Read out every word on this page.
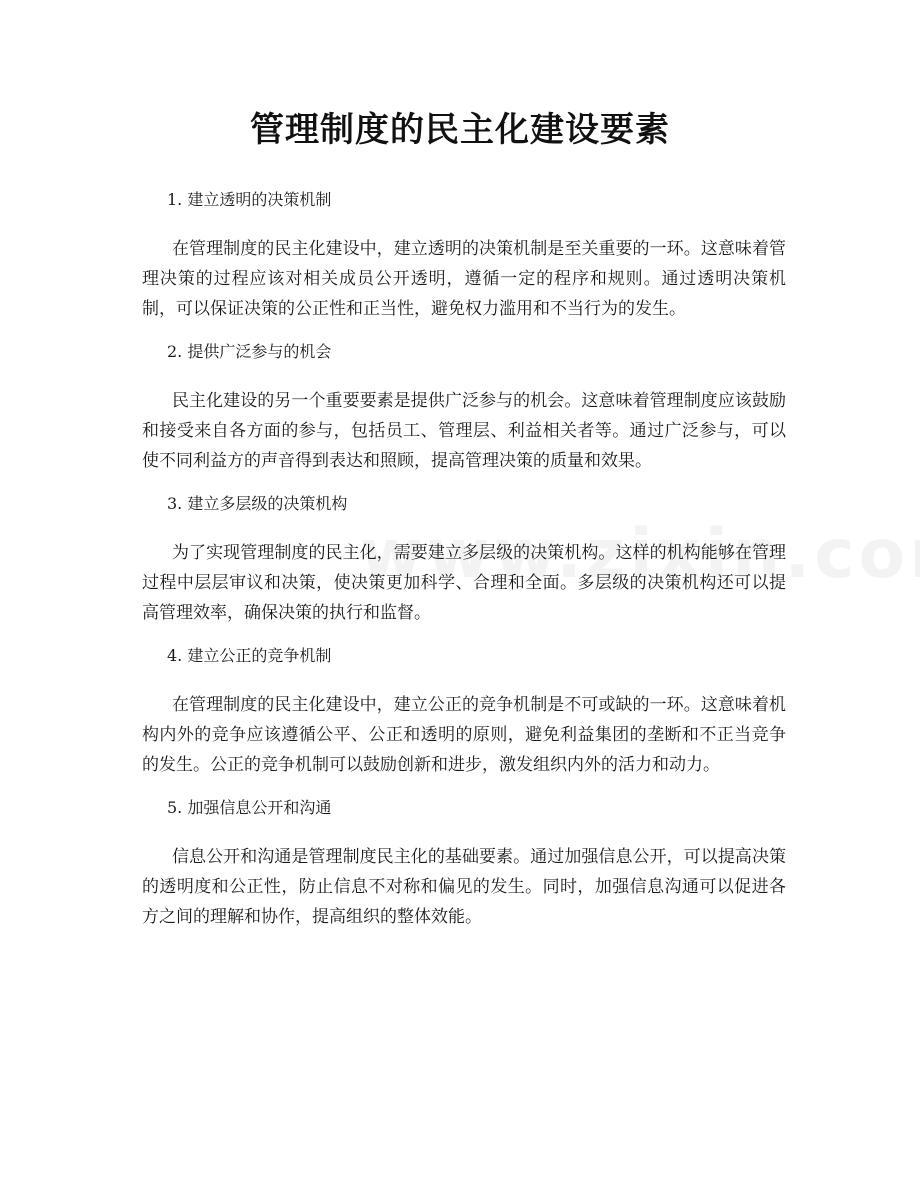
管理制度的民主化建设要素

1. 建立透明的决策机制

在管理制度的民主化建设中，建立透明的决策机制是至关重要的一环。这意味着管理决策的过程应该对相关成员公开透明，遵循一定的程序和规则。通过透明决策机制，可以保证决策的公正性和正当性，避免权力滥用和不当行为的发生。

2. 提供广泛参与的机会

民主化建设的另一个重要要素是提供广泛参与的机会。这意味着管理制度应该鼓励和接受来自各方面的参与，包括员工、管理层、利益相关者等。通过广泛参与，可以使不同利益方的声音得到表达和照顾，提高管理决策的质量和效果。

3. 建立多层级的决策机构

为了实现管理制度的民主化，需要建立多层级的决策机构。这样的机构能够在管理过程中层层审议和决策，使决策更加科学、合理和全面。多层级的决策机构还可以提高管理效率，确保决策的执行和监督。

4. 建立公正的竞争机制

在管理制度的民主化建设中，建立公正的竞争机制是不可或缺的一环。这意味着机构内外的竞争应该遵循公平、公正和透明的原则，避免利益集团的垄断和不正当竞争的发生。公正的竞争机制可以鼓励创新和进步，激发组织内外的活力和动力。

5. 加强信息公开和沟通

信息公开和沟通是管理制度民主化的基础要素。通过加强信息公开，可以提高决策的透明度和公正性，防止信息不对称和偏见的发生。同时，加强信息沟通可以促进各方之间的理解和协作，提高组织的整体效能。
